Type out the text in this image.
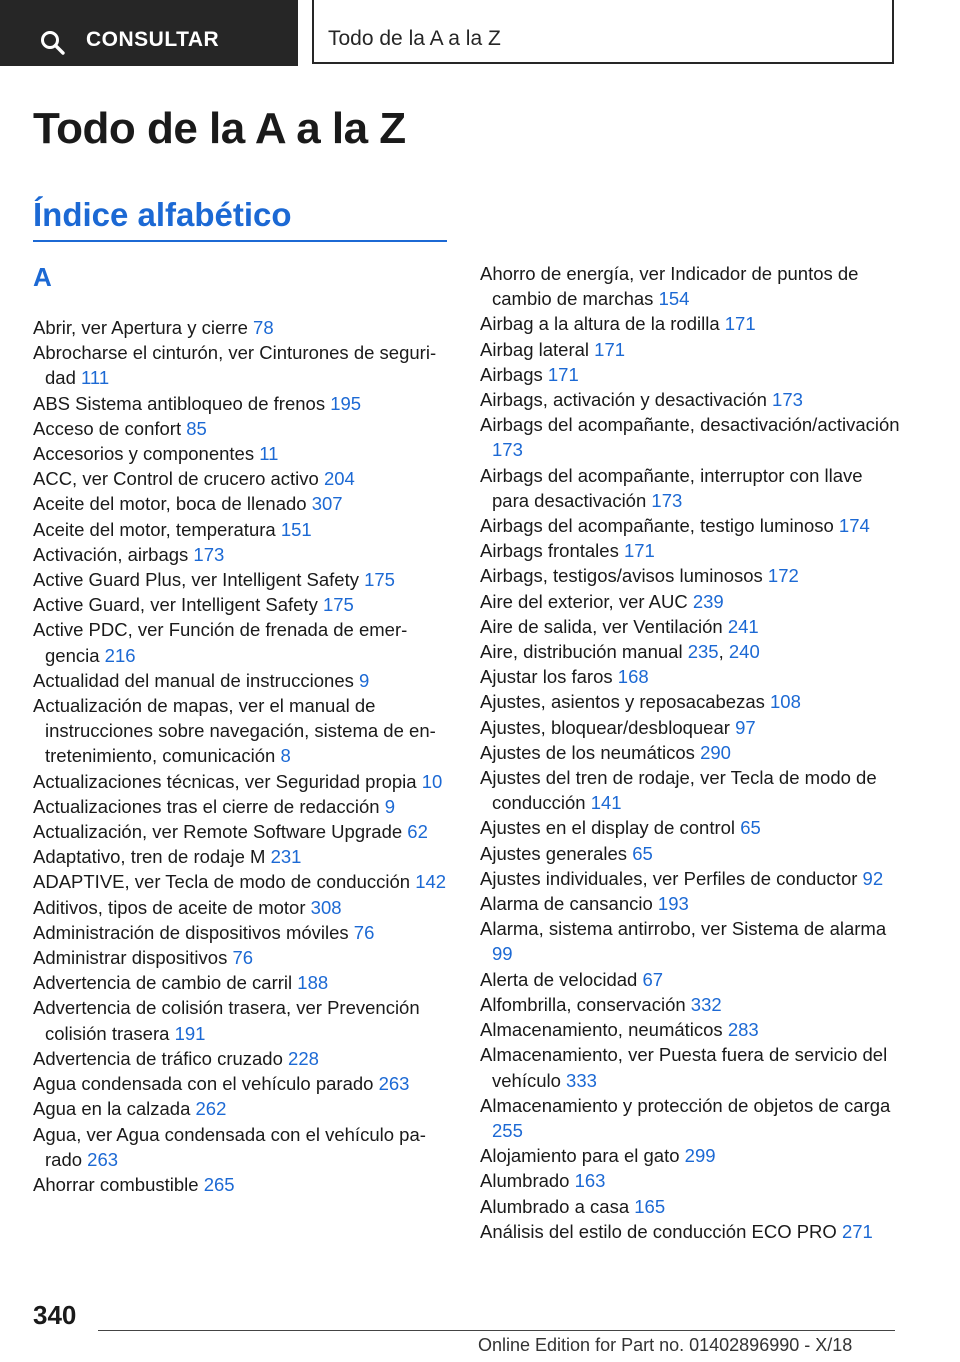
CONSULTAR	Todo de la A a la Z
Todo de la A a la Z
Índice alfabético
A
Abrir, ver Apertura y cierre 78
Abrocharse el cinturón, ver Cinturones de seguridad 111
ABS Sistema antibloqueo de frenos 195
Acceso de confort 85
Accesorios y componentes 11
ACC, ver Control de crucero activo 204
Aceite del motor, boca de llenado 307
Aceite del motor, temperatura 151
Activación, airbags 173
Active Guard Plus, ver Intelligent Safety 175
Active Guard, ver Intelligent Safety 175
Active PDC, ver Función de frenada de emergencia 216
Actualidad del manual de instrucciones 9
Actualización de mapas, ver el manual de instrucciones sobre navegación, sistema de entretenimiento, comunicación 8
Actualizaciones técnicas, ver Seguridad propia 10
Actualizaciones tras el cierre de redacción 9
Actualización, ver Remote Software Upgrade 62
Adaptativo, tren de rodaje M 231
ADAPTIVE, ver Tecla de modo de conducción 142
Aditivos, tipos de aceite de motor 308
Administración de dispositivos móviles 76
Administrar dispositivos 76
Advertencia de cambio de carril 188
Advertencia de colisión trasera, ver Prevención colisión trasera 191
Advertencia de tráfico cruzado 228
Agua condensada con el vehículo parado 263
Agua en la calzada 262
Agua, ver Agua condensada con el vehículo parado 263
Ahorrar combustible 265
Ahorro de energía, ver Indicador de puntos de cambio de marchas 154
Airbag a la altura de la rodilla 171
Airbag lateral 171
Airbags 171
Airbags, activación y desactivación 173
Airbags del acompañante, desactivación/activación 173
Airbags del acompañante, interruptor con llave para desactivación 173
Airbags del acompañante, testigo luminoso 174
Airbags frontales 171
Airbags, testigos/avisos luminosos 172
Aire del exterior, ver AUC 239
Aire de salida, ver Ventilación 241
Aire, distribución manual 235, 240
Ajustar los faros 168
Ajustes, asientos y reposacabezas 108
Ajustes, bloquear/desbloquear 97
Ajustes de los neumáticos 290
Ajustes del tren de rodaje, ver Tecla de modo de conducción 141
Ajustes en el display de control 65
Ajustes generales 65
Ajustes individuales, ver Perfiles de conductor 92
Alarma de cansancio 193
Alarma, sistema antirrobo, ver Sistema de alarma 99
Alerta de velocidad 67
Alfombrilla, conservación 332
Almacenamiento, neumáticos 283
Almacenamiento, ver Puesta fuera de servicio del vehículo 333
Almacenamiento y protección de objetos de carga 255
Alojamiento para el gato 299
Alumbrado 163
Alumbrado a casa 165
Análisis del estilo de conducción ECO PRO 271
340
Online Edition for Part no. 01402896990 - X/18
